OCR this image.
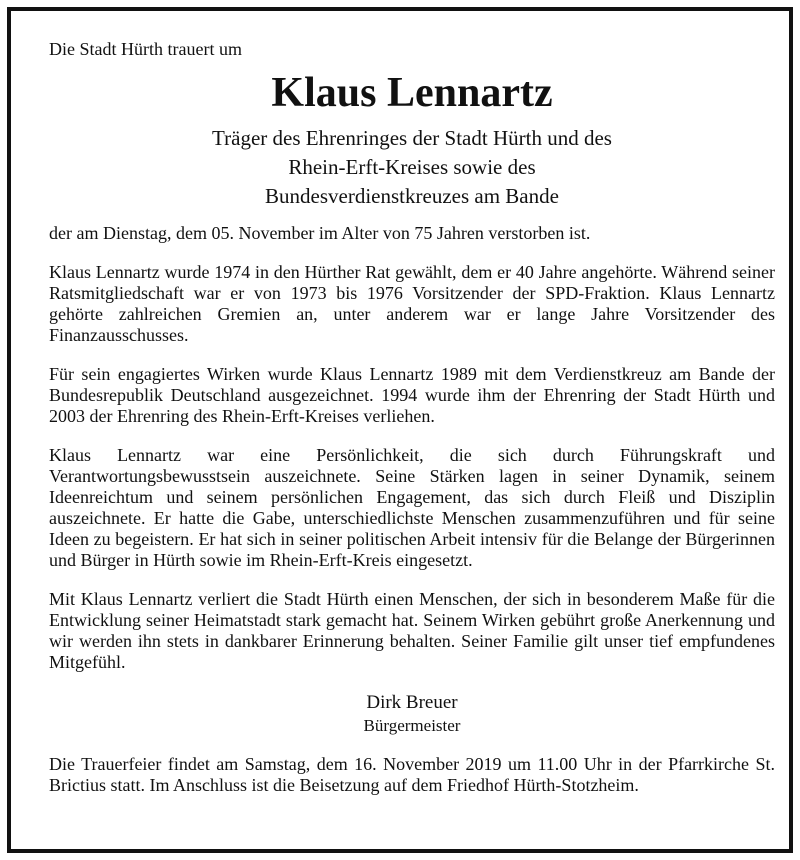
Die Stadt Hürth trauert um
Klaus Lennartz
Träger des Ehrenringes der Stadt Hürth und des
Rhein-Erft-Kreises sowie des
Bundesverdienstkreuzes am Bande

der am Dienstag, dem 05. November im Alter von 75 Jahren verstorben ist.

Klaus Lennartz wurde 1974 in den Hürther Rat gewählt, dem er 40 Jahre angehörte. Während seiner Ratsmitgliedschaft war er von 1973 bis 1976 Vorsitzender der SPD-Fraktion. Klaus Lennartz gehörte zahlreichen Gremien an, unter anderem war er lange Jahre Vorsitzender des Finanzausschusses.

Für sein engagiertes Wirken wurde Klaus Lennartz 1989 mit dem Verdienstkreuz am Bande der Bundesrepublik Deutschland ausgezeichnet. 1994 wurde ihm der Ehrenring der Stadt Hürth und 2003 der Ehrenring des Rhein-Erft-Kreises verliehen.

Klaus Lennartz war eine Persönlichkeit, die sich durch Führungskraft und Verantwortungsbewusstsein auszeichnete. Seine Stärken lagen in seiner Dynamik, seinem Ideenreichtum und seinem persönlichen Engagement, das sich durch Fleiß und Disziplin auszeichnete. Er hatte die Gabe, unterschiedlichste Menschen zusammenzuführen und für seine Ideen zu begeistern. Er hat sich in seiner politischen Arbeit intensiv für die Belange der Bürgerinnen und Bürger in Hürth sowie im Rhein-Erft-Kreis eingesetzt.

Mit Klaus Lennartz verliert die Stadt Hürth einen Menschen, der sich in besonderem Maße für die Entwicklung seiner Heimatstadt stark gemacht hat. Seinem Wirken gebührt große Anerkennung und wir werden ihn stets in dankbarer Erinnerung behalten. Seiner Familie gilt unser tief empfundenes Mitgefühl.

Dirk Breuer
Bürgermeister

Die Trauerfeier findet am Samstag, dem 16. November 2019 um 11.00 Uhr in der Pfarrkirche St. Brictius statt. Im Anschluss ist die Beisetzung auf dem Friedhof Hürth-Stotzheim.
